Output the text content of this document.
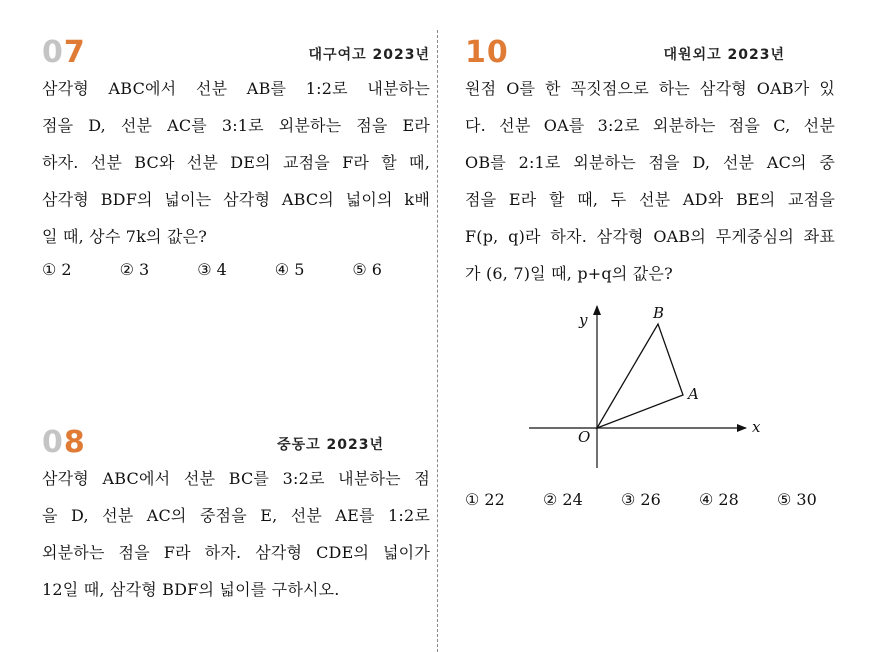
07	대구여고 2023년
삼각형 ABC에서 선분 AB를 1:2로 내분하는
점을 D, 선분 AC를 3:1로 외분하는 점을 E라
하자. 선분 BC와 선분 DE의 교점을 F라 할 때,
삼각형 BDF의 넓이는 삼각형 ABC의 넓이의 k배
일 때, 상수 7k의 값은?
① 2	② 3	③ 4	④ 5	⑤ 6
08	중동고 2023년
삼각형 ABC에서 선분 BC를 3:2로 내분하는 점
을 D, 선분 AC의 중점을 E, 선분 AE를 1:2로
외분하는 점을 F라 하자. 삼각형 CDE의 넓이가
12일 때, 삼각형 BDF의 넓이를 구하시오.
10	대원외고 2023년
원점 O를 한 꼭짓점으로 하는 삼각형 OAB가 있
다. 선분 OA를 3:2로 외분하는 점을 C, 선분
OB를 2:1로 외분하는 점을 D, 선분 AC의 중
점을 E라 할 때, 두 선분 AD와 BE의 교점을
F(p, q)라 하자. 삼각형 OAB의 무게중심의 좌표
가 (6, 7)일 때, p+q의 값은?
x
y
O
A
B
① 22	② 24	③ 26	④ 28	⑤ 30
